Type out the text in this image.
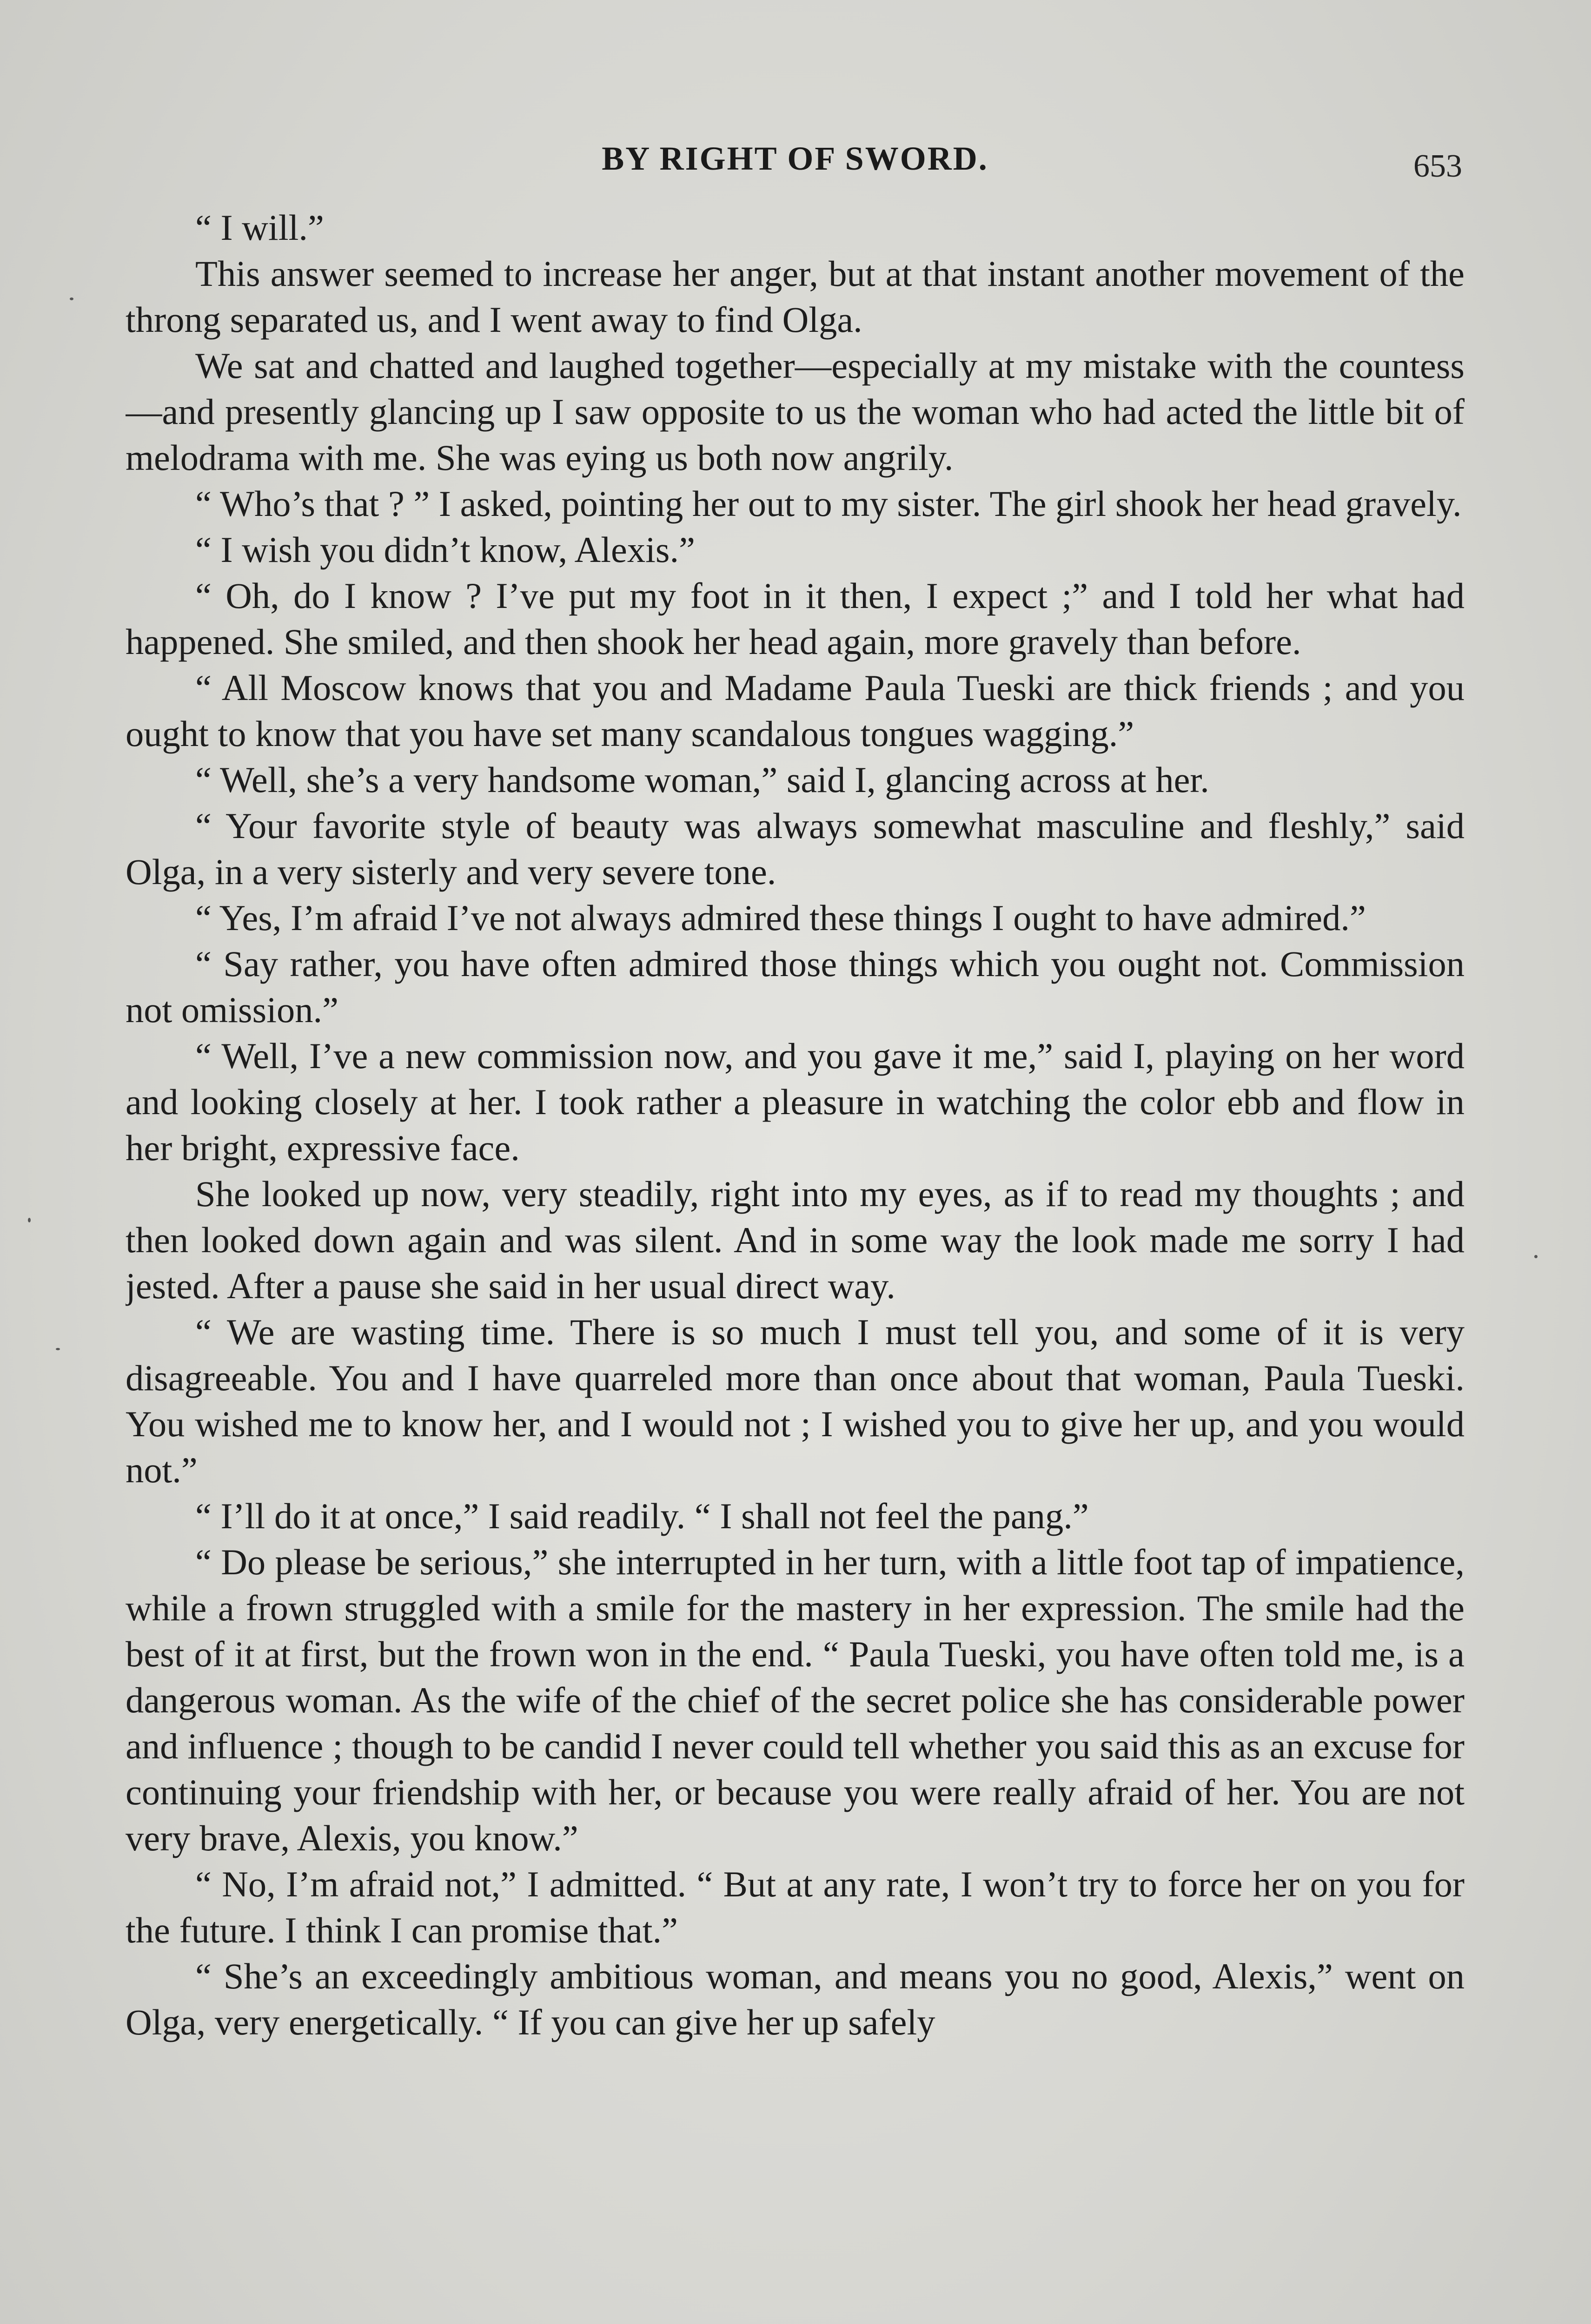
BY RIGHT OF SWORD.	653

“ I will.”

This answer seemed to increase her anger, but at that instant another movement of the throng separated us, and I went away to find Olga.

We sat and chatted and laughed together—especially at my mistake with the countess—and presently glancing up I saw opposite to us the woman who had acted the little bit of melodrama with me. She was eying us both now angrily.

“ Who’s that ? ” I asked, pointing her out to my sister. The girl shook her head gravely.

“ I wish you didn’t know, Alexis.”

“ Oh, do I know ? I’ve put my foot in it then, I expect ;” and I told her what had happened. She smiled, and then shook her head again, more gravely than before.

“ All Moscow knows that you and Madame Paula Tueski are thick friends ; and you ought to know that you have set many scandalous tongues wagging.”

“ Well, she’s a very handsome woman,” said I, glancing across at her.

“ Your favorite style of beauty was always somewhat masculine and fleshly,” said Olga, in a very sisterly and very severe tone.

“ Yes, I’m afraid I’ve not always admired these things I ought to have admired.”

“ Say rather, you have often admired those things which you ought not. Commission not omission.”

“ Well, I’ve a new commission now, and you gave it me,” said I, playing on her word and looking closely at her. I took rather a pleasure in watching the color ebb and flow in her bright, expressive face.

She looked up now, very steadily, right into my eyes, as if to read my thoughts ; and then looked down again and was silent. And in some way the look made me sorry I had jested. After a pause she said in her usual direct way.

“ We are wasting time. There is so much I must tell you, and some of it is very disagreeable. You and I have quarreled more than once about that woman, Paula Tueski. You wished me to know her, and I would not ; I wished you to give her up, and you would not.”

“ I’ll do it at once,” I said readily. “ I shall not feel the pang.”

“ Do please be serious,” she interrupted in her turn, with a little foot tap of impatience, while a frown struggled with a smile for the mastery in her expression. The smile had the best of it at first, but the frown won in the end. “ Paula Tueski, you have often told me, is a dangerous woman. As the wife of the chief of the secret police she has considerable power and influence ; though to be candid I never could tell whether you said this as an excuse for continuing your friendship with her, or because you were really afraid of her. You are not very brave, Alexis, you know.”

“ No, I’m afraid not,” I admitted. “ But at any rate, I won’t try to force her on you for the future. I think I can promise that.”

“ She’s an exceedingly ambitious woman, and means you no good, Alexis,” went on Olga, very energetically. “ If you can give her up safely
